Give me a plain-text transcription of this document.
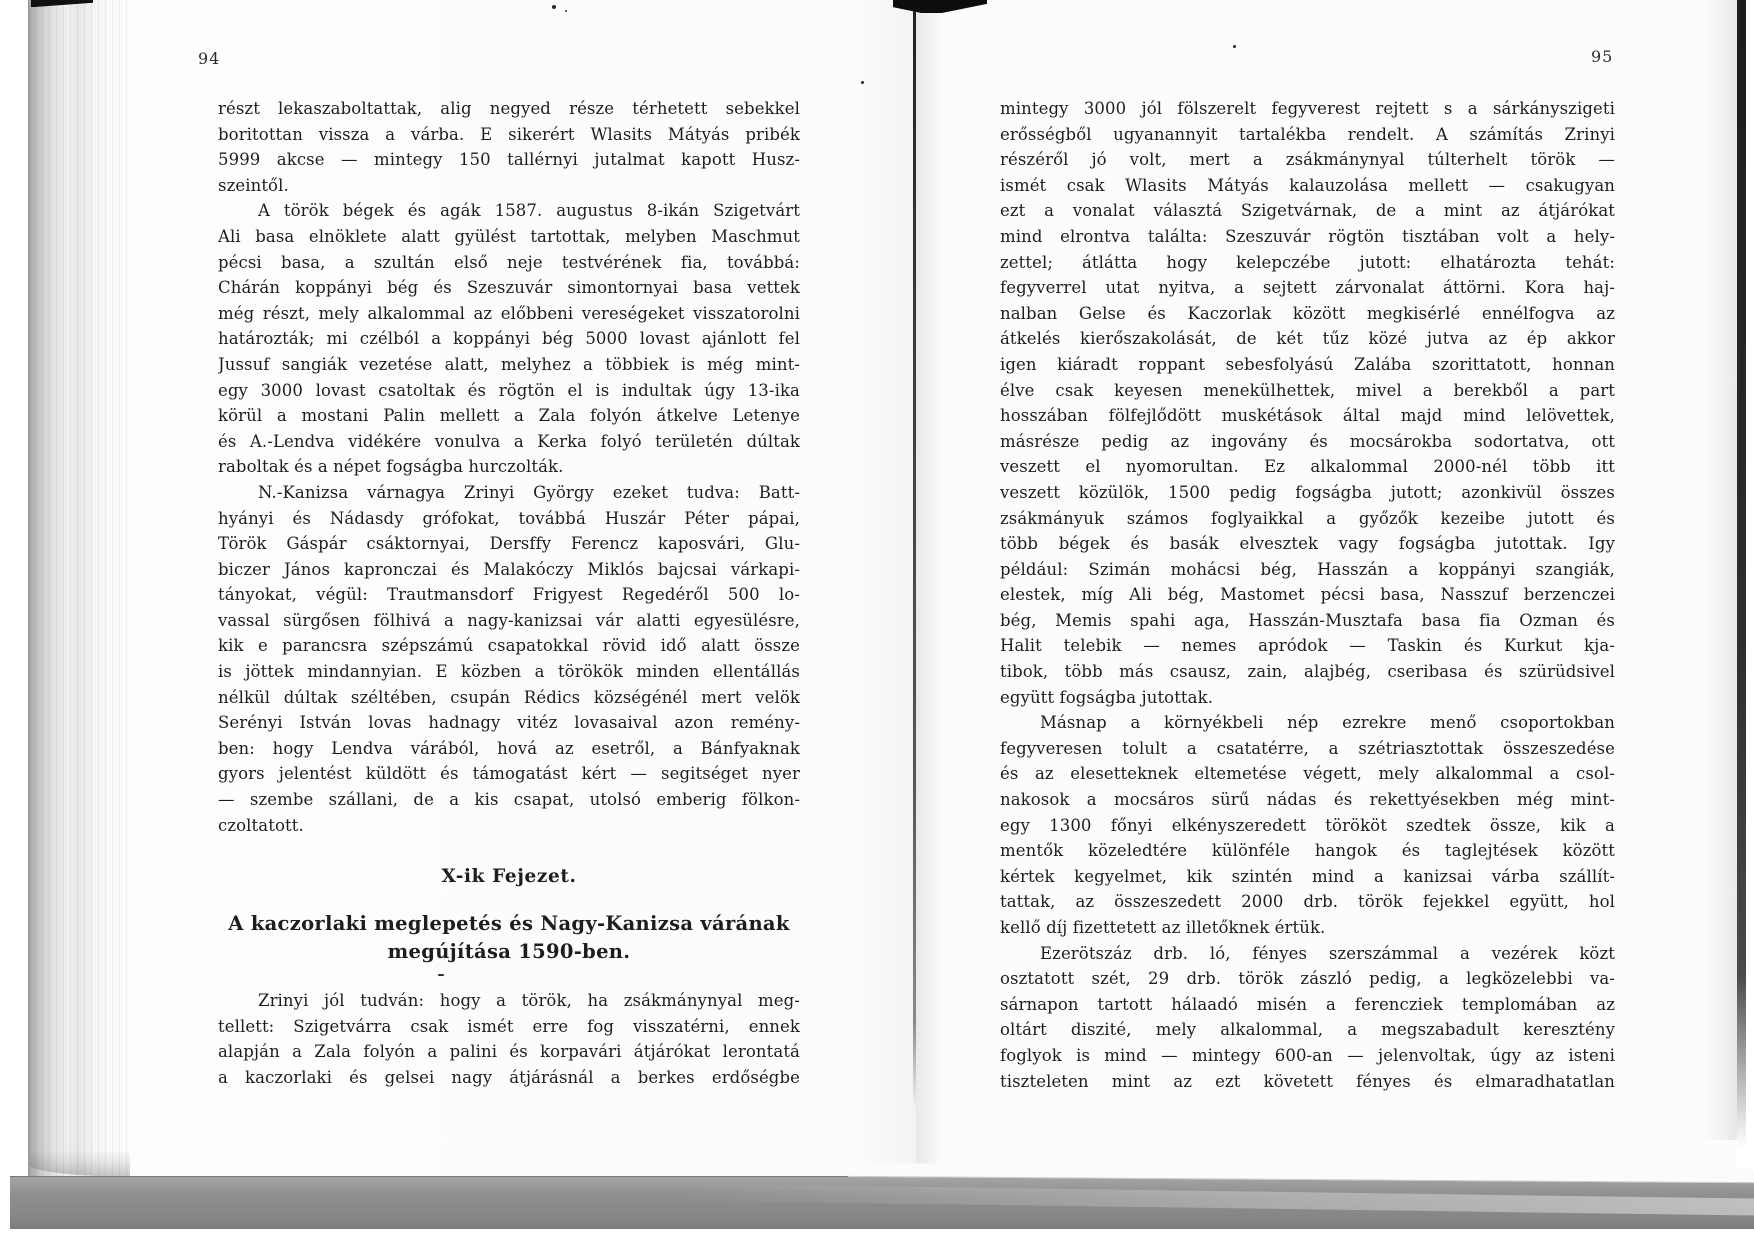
94	95
részt lekaszaboltattak, alig negyed része térhetett sebekkel
boritottan vissza a várba. E sikerért Wlasits Mátyás pribék
5999 akcse — mintegy 150 tallérnyi jutalmat kapott Husz-
szeintől.
A török bégek és agák 1587. augustus 8-ikán Szigetvárt
Ali basa elnöklete alatt gyülést tartottak, melyben Maschmut
pécsi basa, a szultán első neje testvérének fia, továbbá:
Chárán koppányi bég és Szeszuvár simontornyai basa vettek
még részt, mely alkalommal az előbbeni vereségeket visszatorolni
határozták; mi czélból a koppányi bég 5000 lovast ajánlott fel
Jussuf sangiák vezetése alatt, melyhez a többiek is még mint-
egy 3000 lovast csatoltak és rögtön el is indultak úgy 13-ika
körül a mostani Palin mellett a Zala folyón átkelve Letenye
és A.-Lendva vidékére vonulva a Kerka folyó területén dúltak
raboltak és a népet fogságba hurczolták.
N.-Kanizsa várnagya Zrinyi György ezeket tudva: Batt-
hyányi és Nádasdy grófokat, továbbá Huszár Péter pápai,
Török Gáspár csáktornyai, Dersffy Ferencz kaposvári, Glu-
biczer János kapronczai és Malakóczy Miklós bajcsai várkapi-
tányokat, végül: Trautmansdorf Frigyest Regedéről 500 lo-
vassal sürgősen fölhivá a nagy-kanizsai vár alatti egyesülésre,
kik e parancsra szépszámú csapatokkal rövid idő alatt össze
is jöttek mindannyian. E közben a törökök minden ellentállás
nélkül dúltak széltében, csupán Rédics községénél mert velök
Serényi István lovas hadnagy vitéz lovasaival azon remény-
ben: hogy Lendva várából, hová az esetről, a Bánfyaknak
gyors jelentést küldött és támogatást kért — segitséget nyer
— szembe szállani, de a kis csapat, utolsó emberig fölkon-
czoltatott.
X-ik Fejezet.
A kaczorlaki meglepetés és Nagy-Kanizsa várának
megújítása 1590-ben.
Zrinyi jól tudván: hogy a török, ha zsákmánynyal meg-
tellett: Szigetvárra csak ismét erre fog visszatérni, ennek
alapján a Zala folyón a palini és korpavári átjárókat lerontatá
a kaczorlaki és gelsei nagy átjárásnál a berkes erdőségbe
mintegy 3000 jól fölszerelt fegyverest rejtett s a sárkányszigeti
erősségből ugyanannyit tartalékba rendelt. A számítás Zrinyi
részéről jó volt, mert a zsákmánynyal túlterhelt török —
ismét csak Wlasits Mátyás kalauzolása mellett — csakugyan
ezt a vonalat választá Szigetvárnak, de a mint az átjárókat
mind elrontva találta: Szeszuvár rögtön tisztában volt a hely-
zettel; átlátta hogy kelepczébe jutott: elhatározta tehát:
fegyverrel utat nyitva, a sejtett zárvonalat áttörni. Kora haj-
nalban Gelse és Kaczorlak között megkisérlé ennélfogva az
átkelés kierőszakolását, de két tűz közé jutva az ép akkor
igen kiáradt roppant sebesfolyású Zalába szorittatott, honnan
élve csak keyesen menekülhettek, mivel a berekből a part
hosszában fölfejlődött muskétások által majd mind lelövettek,
másrésze pedig az ingovány és mocsárokba sodortatva, ott
veszett el nyomorultan. Ez alkalommal 2000-nél több itt
veszett közülök, 1500 pedig fogságba jutott; azonkivül összes
zsákmányuk számos foglyaikkal a győzők kezeibe jutott és
több bégek és basák elvesztek vagy fogságba jutottak. Igy
például: Szimán mohácsi bég, Hasszán a koppányi szangiák,
elestek, míg Ali bég, Mastomet pécsi basa, Nasszuf berzenczei
bég, Memis spahi aga, Hasszán-Musztafa basa fia Ozman és
Halit telebik — nemes apródok — Taskin és Kurkut kja-
tibok, több más csausz, zain, alajbég, cseribasa és szürüdsivel
együtt fogságba jutottak.
Másnap a környékbeli nép ezrekre menő csoportokban
fegyveresen tolult a csatatérre, a szétriasztottak összeszedése
és az elesetteknek eltemetése végett, mely alkalommal a csol-
nakosok a mocsáros sürű nádas és rekettyésekben még mint-
egy 1300 főnyi elkényszeredett törököt szedtek össze, kik a
mentők közeledtére különféle hangok és taglejtések között
kértek kegyelmet, kik szintén mind a kanizsai várba szállít-
tattak, az összeszedett 2000 drb. török fejekkel együtt, hol
kellő díj fizettetett az illetőknek értük.
Ezerötszáz drb. ló, fényes szerszámmal a vezérek közt
osztatott szét, 29 drb. török zászló pedig, a legközelebbi va-
sárnapon tartott hálaadó misén a ferencziek templomában az
oltárt diszité, mely alkalommal, a megszabadult keresztény
foglyok is mind — mintegy 600-an — jelenvoltak, úgy az isteni
tiszteleten mint az ezt követett fényes és elmaradhatatlan
